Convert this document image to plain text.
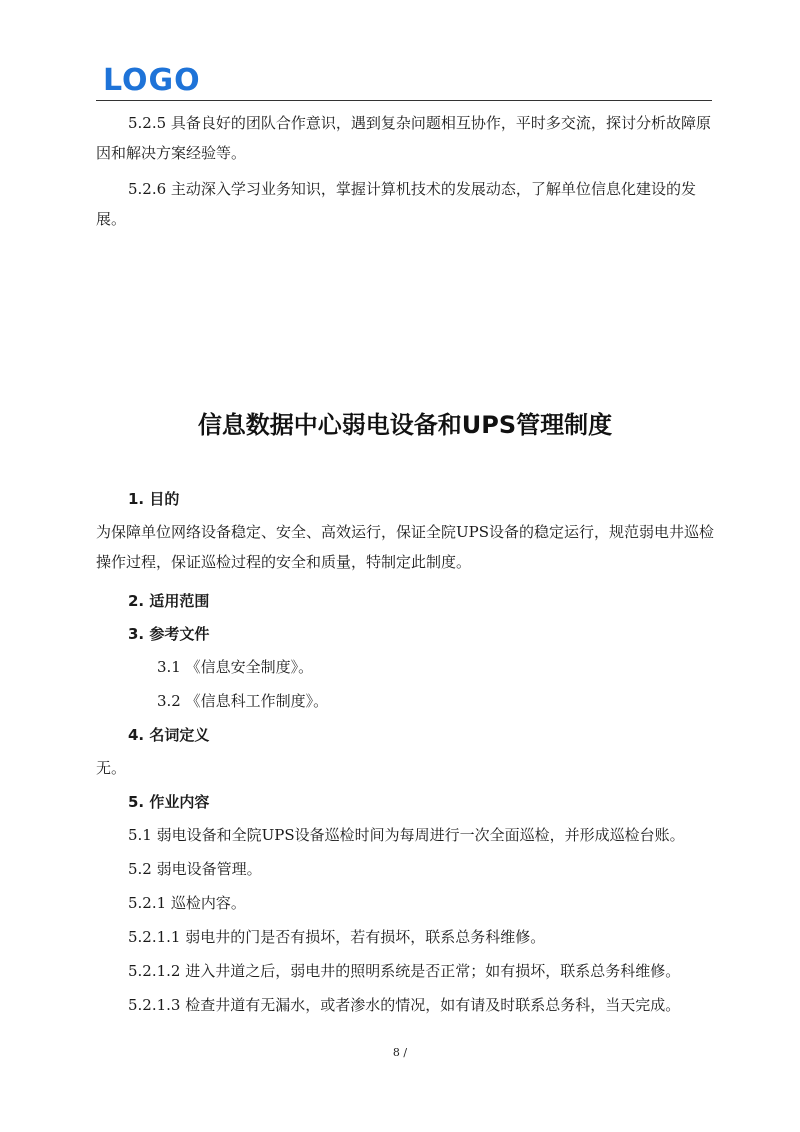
LOGO

5.2.5 具备良好的团队合作意识，遇到复杂问题相互协作，平时多交流，探讨分析故障原因和解决方案经验等。

5.2.6 主动深入学习业务知识，掌握计算机技术的发展动态，了解单位信息化建设的发展。

信息数据中心弱电设备和UPS管理制度
1. 目的

为保障单位网络设备稳定、安全、高效运行，保证全院UPS设备的稳定运行，规范弱电井巡检操作过程，保证巡检过程的安全和质量，特制定此制度。

2. 适用范围
3. 参考文件
3.1 《信息安全制度》。
3.2 《信息科工作制度》。
4. 名词定义
无。
5. 作业内容
5.1 弱电设备和全院UPS设备巡检时间为每周进行一次全面巡检，并形成巡检台账。
5.2 弱电设备管理。
5.2.1 巡检内容。
5.2.1.1 弱电井的门是否有损坏，若有损坏，联系总务科维修。
5.2.1.2 进入井道之后，弱电井的照明系统是否正常；如有损坏，联系总务科维修。
5.2.1.3 检查井道有无漏水，或者渗水的情况，如有请及时联系总务科，当天完成。
8 /
